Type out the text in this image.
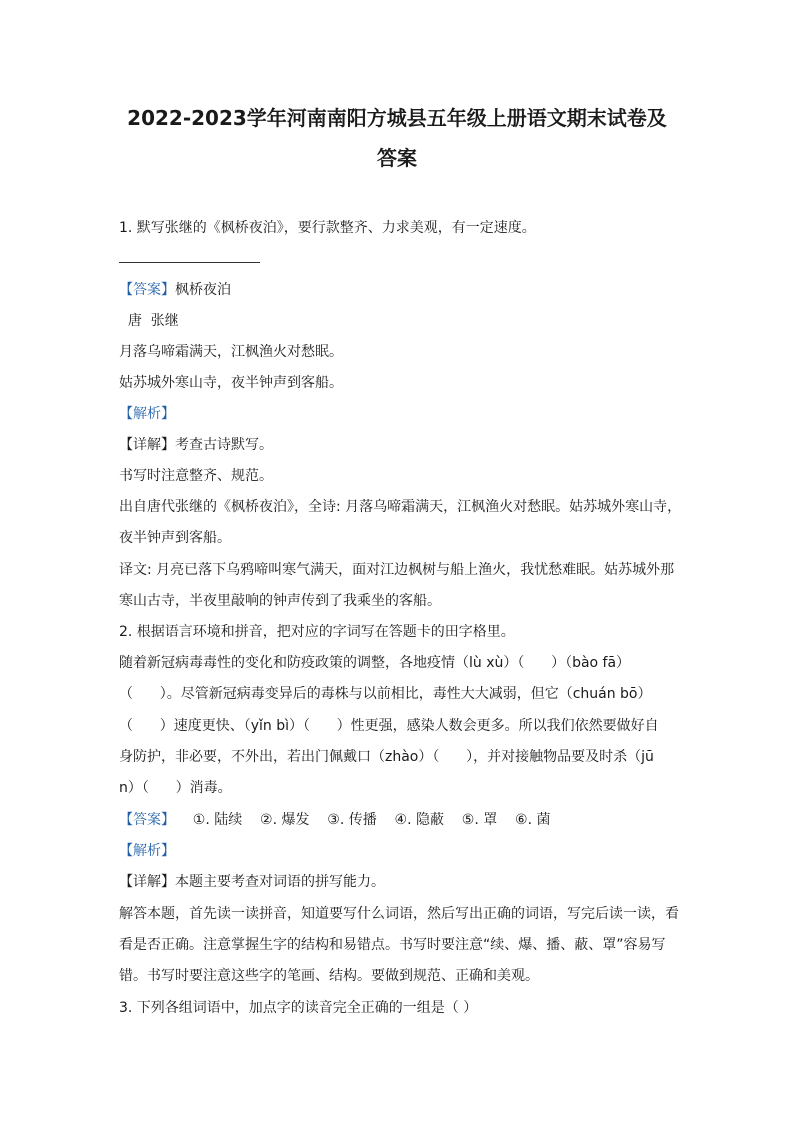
2022-2023学年河南南阳方城县五年级上册语文期末试卷及
答案
1. 默写张继的《枫桥夜泊》，要行款整齐、力求美观，有一定速度。
【答案】枫桥夜泊
唐  张继
月落乌啼霜满天，江枫渔火对愁眠。
姑苏城外寒山寺，夜半钟声到客船。
【解析】
【详解】考查古诗默写。
书写时注意整齐、规范。
出自唐代张继的《枫桥夜泊》，全诗: 月落乌啼霜满天，江枫渔火对愁眠。姑苏城外寒山寺，
夜半钟声到客船。
译文: 月亮已落下乌鸦啼叫寒气满天，面对江边枫树与船上渔火，我忧愁难眠。姑苏城外那
寒山古寺，半夜里敲响的钟声传到了我乘坐的客船。
2. 根据语言环境和拼音，把对应的字词写在答题卡的田字格里。
随着新冠病毒毒性的变化和防疫政策的调整，各地疫情（lù xù）（      ）（bào fā）
（      ）。尽管新冠病毒变异后的毒株与以前相比，毒性大大减弱，但它（chuán bō）
（      ）速度更快、（yǐn bì）（      ）性更强，感染人数会更多。所以我们依然要做好自
身防护，非必要，不外出，若出门佩戴口（zhào）（      ），并对接触物品要及时杀（jū
n）（      ）消毒。
【答案】    ①. 陆续    ②. 爆发    ③. 传播    ④. 隐蔽    ⑤. 罩    ⑥. 菌
【解析】
【详解】本题主要考查对词语的拼写能力。
解答本题，首先读一读拼音，知道要写什么词语，然后写出正确的词语，写完后读一读，看
看是否正确。注意掌握生字的结构和易错点。书写时要注意“续、爆、播、蔽、罩”容易写
错。书写时要注意这些字的笔画、结构。要做到规范、正确和美观。
3. 下列各组词语中，加点字的读音完全正确的一组是（ ）
